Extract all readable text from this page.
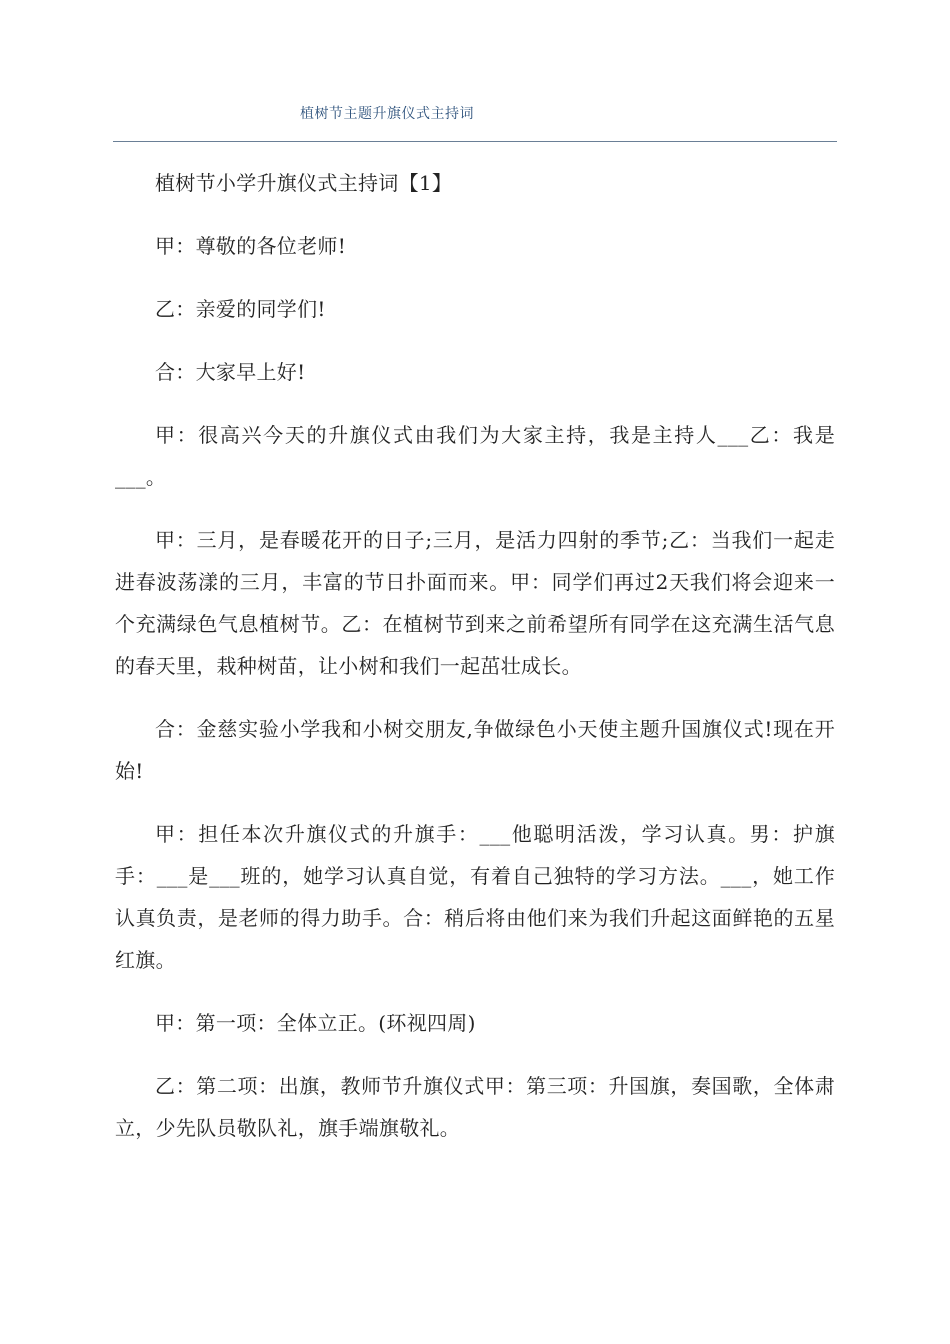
植树节主题升旗仪式主持词

植树节小学升旗仪式主持词【1】

甲：尊敬的各位老师!

乙：亲爱的同学们!

合：大家早上好!

甲：很高兴今天的升旗仪式由我们为大家主持，我是主持人___乙：我是___。

甲：三月，是春暖花开的日子;三月，是活力四射的季节;乙：当我们一起走进春波荡漾的三月，丰富的节日扑面而来。甲：同学们再过2天我们将会迎来一个充满绿色气息植树节。乙：在植树节到来之前希望所有同学在这充满生活气息的春天里，栽种树苗，让小树和我们一起茁壮成长。

合：金慈实验小学我和小树交朋友,争做绿色小天使主题升国旗仪式!现在开始!

甲：担任本次升旗仪式的升旗手：___他聪明活泼，学习认真。男：护旗手：___是___班的，她学习认真自觉，有着自己独特的学习方法。___，她工作认真负责，是老师的得力助手。合：稍后将由他们来为我们升起这面鲜艳的五星红旗。

甲：第一项：全体立正。(环视四周)

乙：第二项：出旗，教师节升旗仪式甲：第三项：升国旗，奏国歌，全体肃立，少先队员敬队礼，旗手端旗敬礼。
